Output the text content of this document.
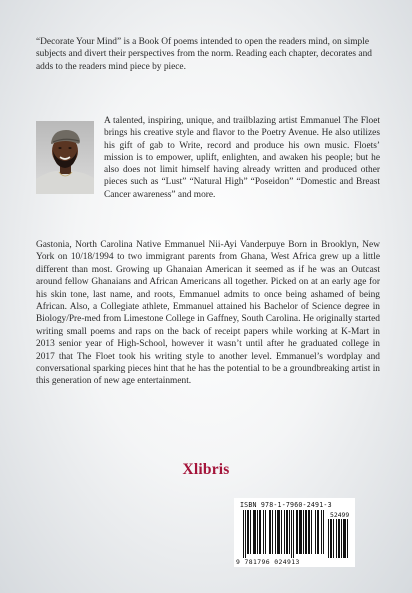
“Decorate Your Mind” is a Book Of poems intended to open the readers mind, on simple subjects and divert their perspectives from the norm. Reading each chapter, decorates and adds to the readers mind piece by piece.

A talented, inspiring, unique, and trailblazing artist Emmanuel The Floet brings his creative style and flavor to the Poetry Avenue. He also utilizes his gift of gab to Write, record and produce his own music. Floets’ mission is to empower, uplift, enlighten, and awaken his people; but he also does not limit himself having already written and produced other pieces such as “Lust” “Natural High” “Poseidon” “Domestic and Breast Cancer awareness” and more.

Gastonia, North Carolina Native Emmanuel Nii-Ayi Vanderpuye Born in Brooklyn, New York on 10/18/1994 to two immigrant parents from Ghana, West Africa grew up a little different than most. Growing up Ghanaian American it seemed as if he was an Outcast around fellow Ghanaians and African Americans all together. Picked on at an early age for his skin tone, last name, and roots, Emmanuel admits to once being ashamed of being African. Also, a Collegiate athlete, Emmanuel attained his Bachelor of Science degree in Biology/Pre-med from Limestone College in Gaffney, South Carolina. He originally started writing small poems and raps on the back of receipt papers while working at K-Mart in 2013 senior year of High-School, however it wasn’t until after he graduated college in 2017 that The Floet took his writing style to another level. Emmanuel’s wordplay and conversational sparking pieces hint that he has the potential to be a groundbreaking artist in this generation of new age entertainment.

Xlibris
ISBN 978-1-7960-2491-3
52499
9 781796 024913
